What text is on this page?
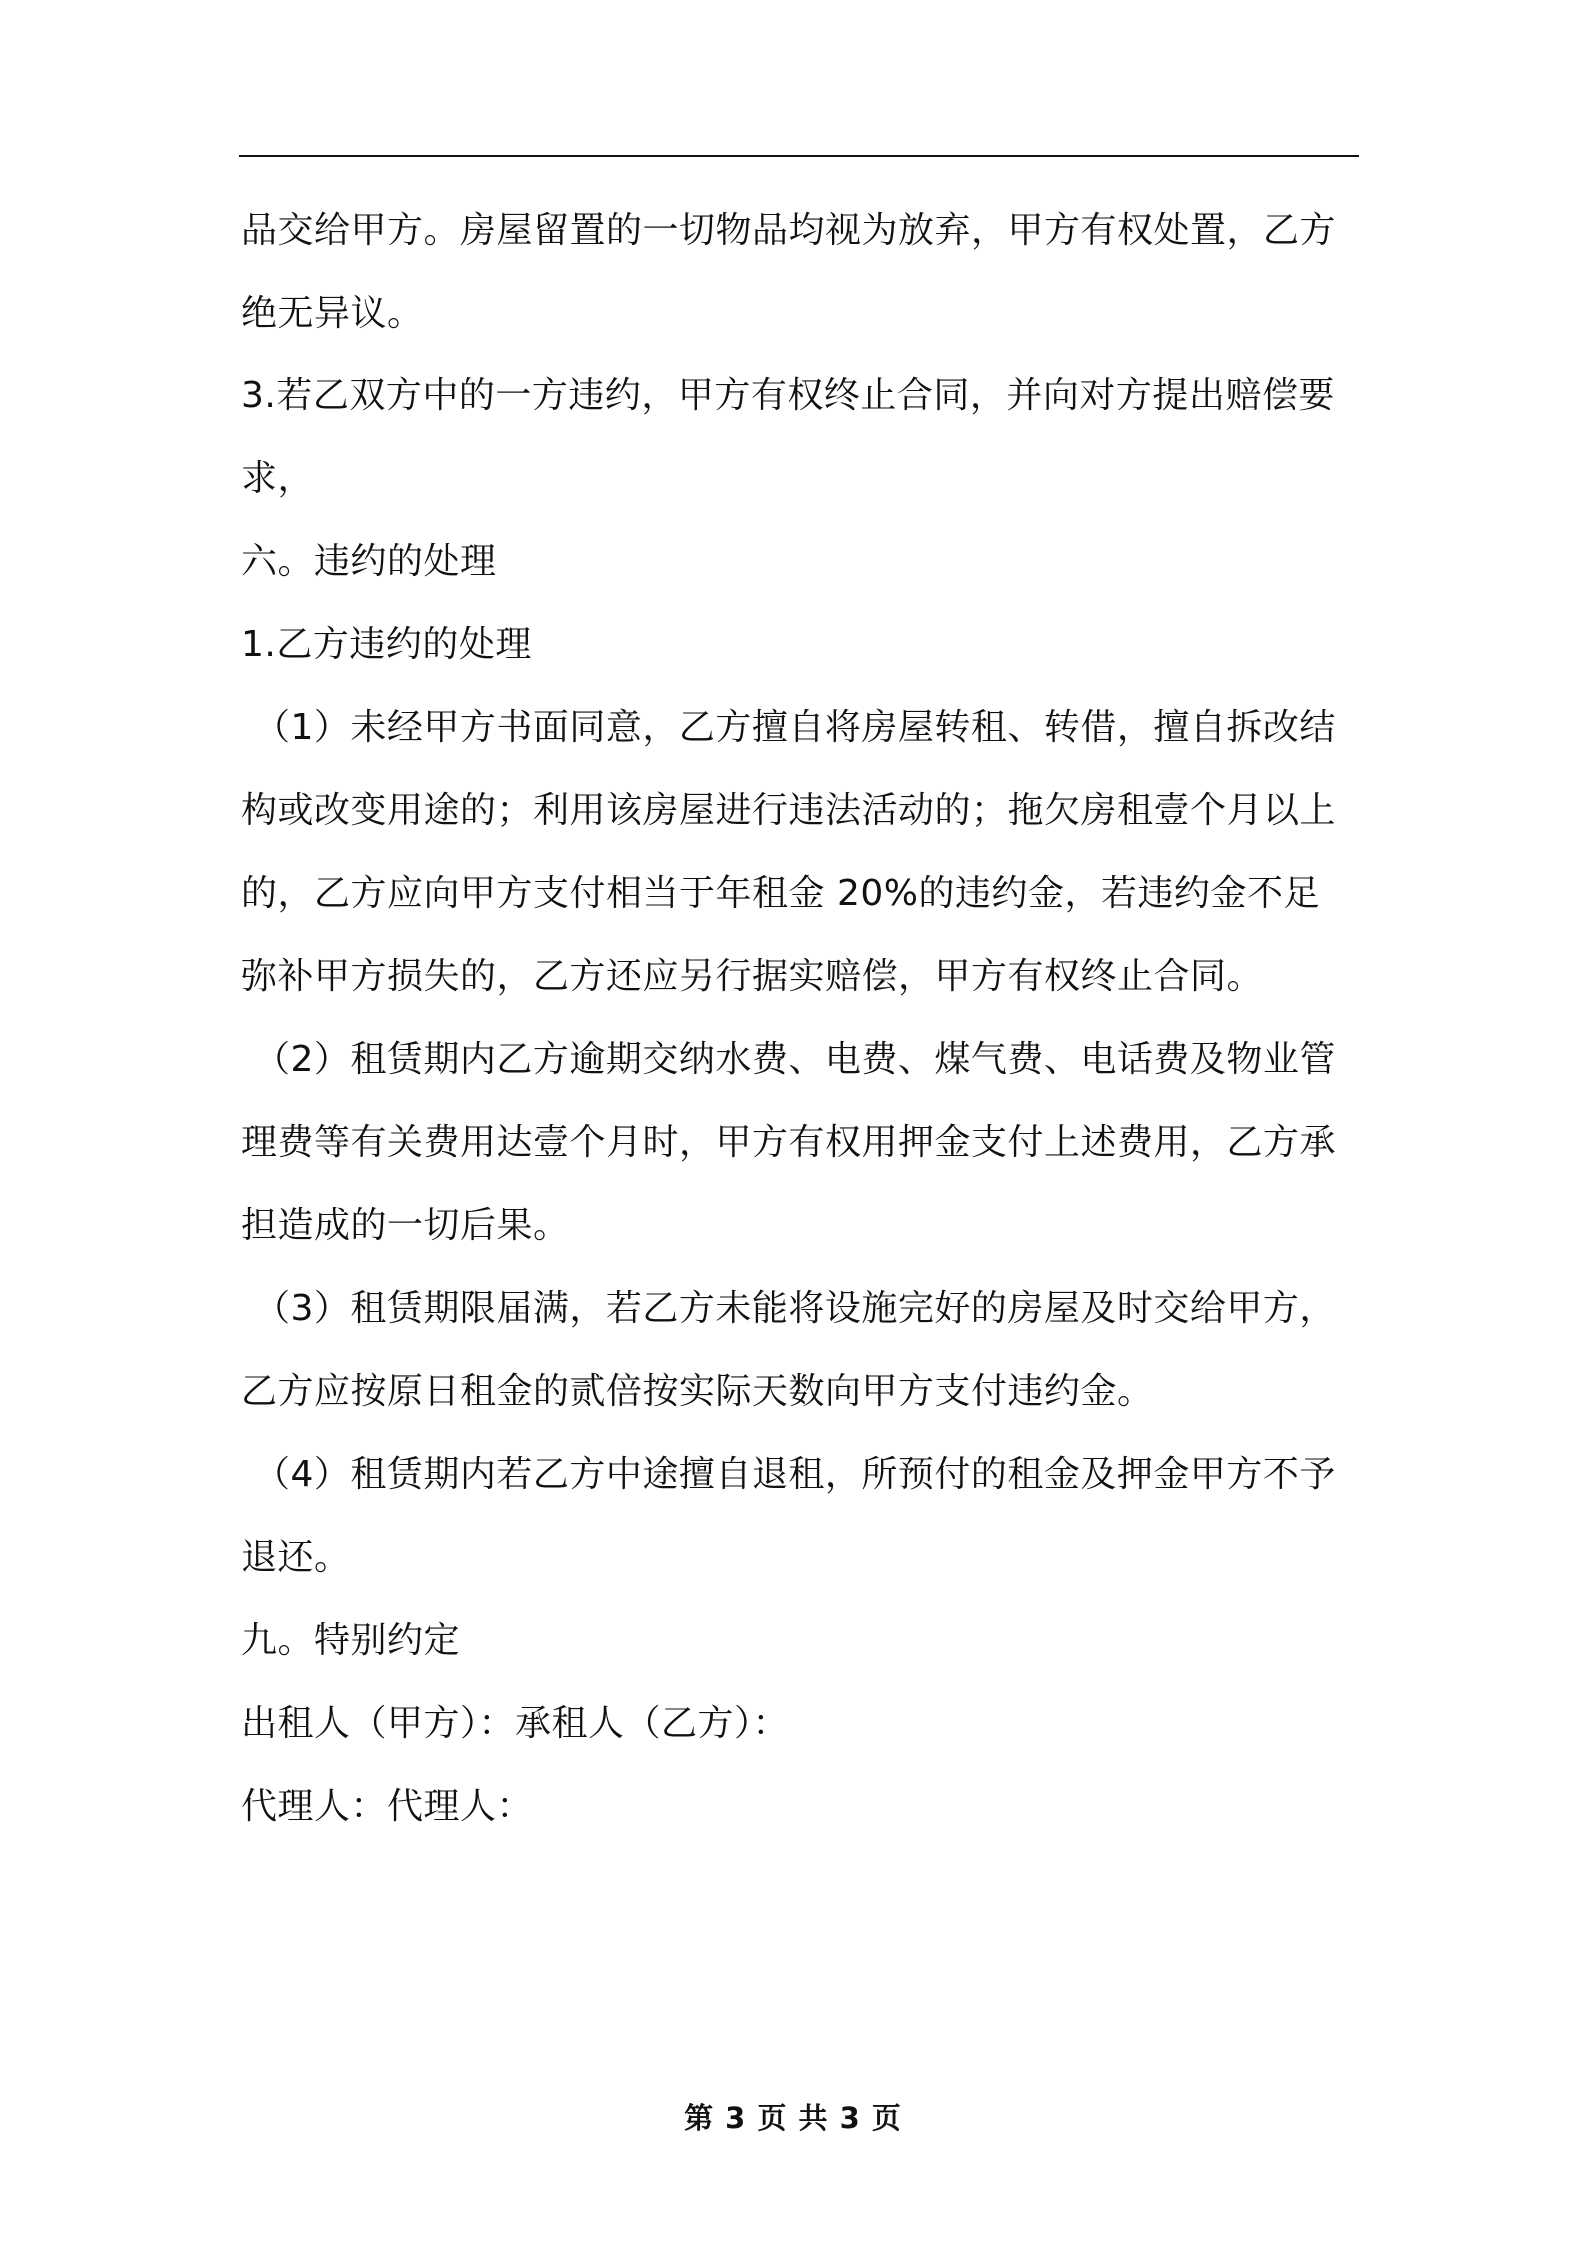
品交给甲方。房屋留置的一切物品均视为放弃，甲方有权处置，乙方
绝无异议。
3.若乙双方中的一方违约，甲方有权终止合同，并向对方提出赔偿要
求，
六。违约的处理
1.乙方违约的处理
（1）未经甲方书面同意，乙方擅自将房屋转租、转借，擅自拆改结
构或改变用途的；利用该房屋进行违法活动的；拖欠房租壹个月以上
的，乙方应向甲方支付相当于年租金 20%的违约金，若违约金不足
弥补甲方损失的，乙方还应另行据实赔偿，甲方有权终止合同。
（2）租赁期内乙方逾期交纳水费、电费、煤气费、电话费及物业管
理费等有关费用达壹个月时，甲方有权用押金支付上述费用，乙方承
担造成的一切后果。
（3）租赁期限届满，若乙方未能将设施完好的房屋及时交给甲方，
乙方应按原日租金的贰倍按实际天数向甲方支付违约金。
（4）租赁期内若乙方中途擅自退租，所预付的租金及押金甲方不予
退还。
九。特别约定
出租人（甲方）：承租人（乙方）：
代理人：代理人：
第 3 页 共 3 页
